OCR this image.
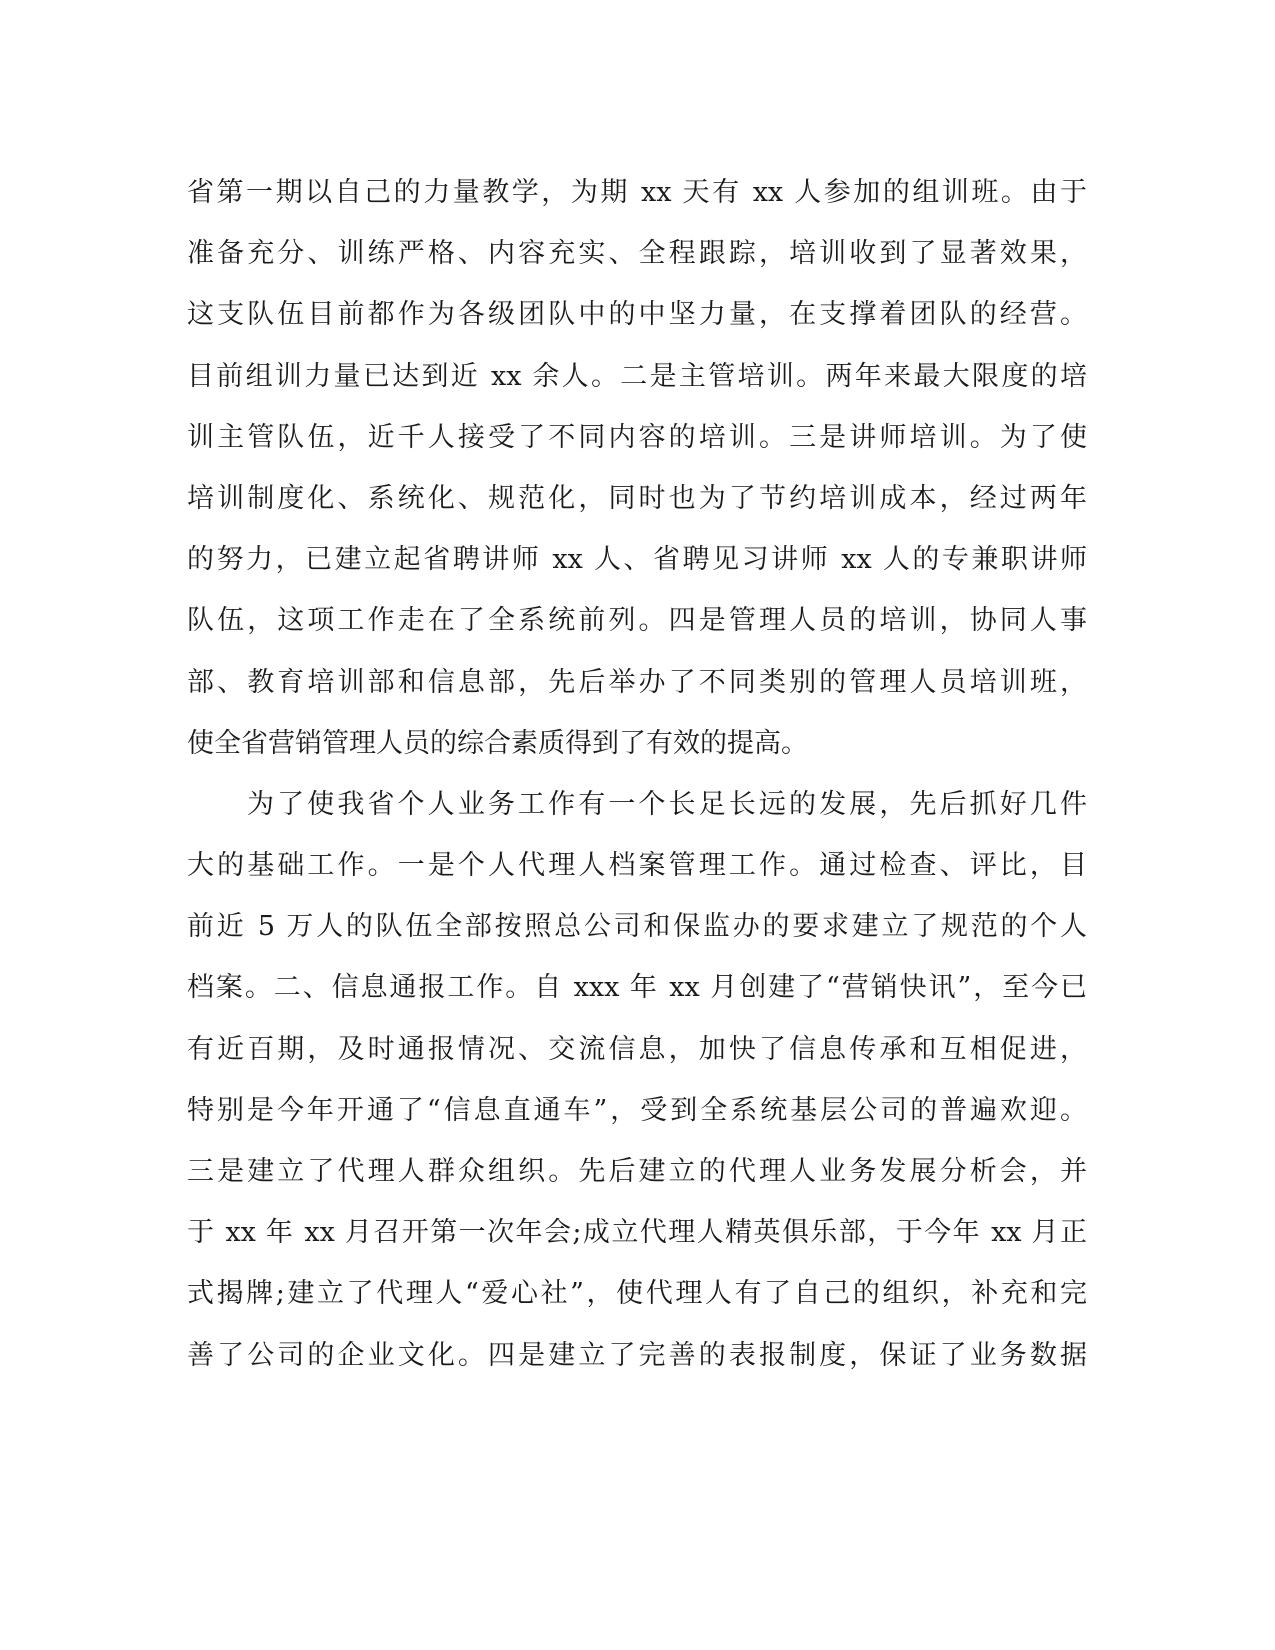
省第一期以自己的力量教学，为期 xx 天有 xx 人参加的组训班。由于
准备充分、训练严格、内容充实、全程跟踪，培训收到了显著效果，
这支队伍目前都作为各级团队中的中坚力量，在支撑着团队的经营。
目前组训力量已达到近 xx 余人。二是主管培训。两年来最大限度的培
训主管队伍，近千人接受了不同内容的培训。三是讲师培训。为了使
培训制度化、系统化、规范化，同时也为了节约培训成本，经过两年
的努力，已建立起省聘讲师 xx 人、省聘见习讲师 xx 人的专兼职讲师
队伍，这项工作走在了全系统前列。四是管理人员的培训，协同人事
部、教育培训部和信息部，先后举办了不同类别的管理人员培训班，
使全省营销管理人员的综合素质得到了有效的提高。
为了使我省个人业务工作有一个长足长远的发展，先后抓好几件
大的基础工作。一是个人代理人档案管理工作。通过检查、评比，目
前近 5 万人的队伍全部按照总公司和保监办的要求建立了规范的个人
档案。二、信息通报工作。自 xxx 年 xx 月创建了“营销快讯”，至今已
有近百期，及时通报情况、交流信息，加快了信息传承和互相促进，
特别是今年开通了“信息直通车”，受到全系统基层公司的普遍欢迎。
三是建立了代理人群众组织。先后建立的代理人业务发展分析会，并
于 xx 年 xx 月召开第一次年会;成立代理人精英俱乐部，于今年 xx 月正
式揭牌;建立了代理人“爱心社”，使代理人有了自己的组织，补充和完
善了公司的企业文化。四是建立了完善的表报制度，保证了业务数据
